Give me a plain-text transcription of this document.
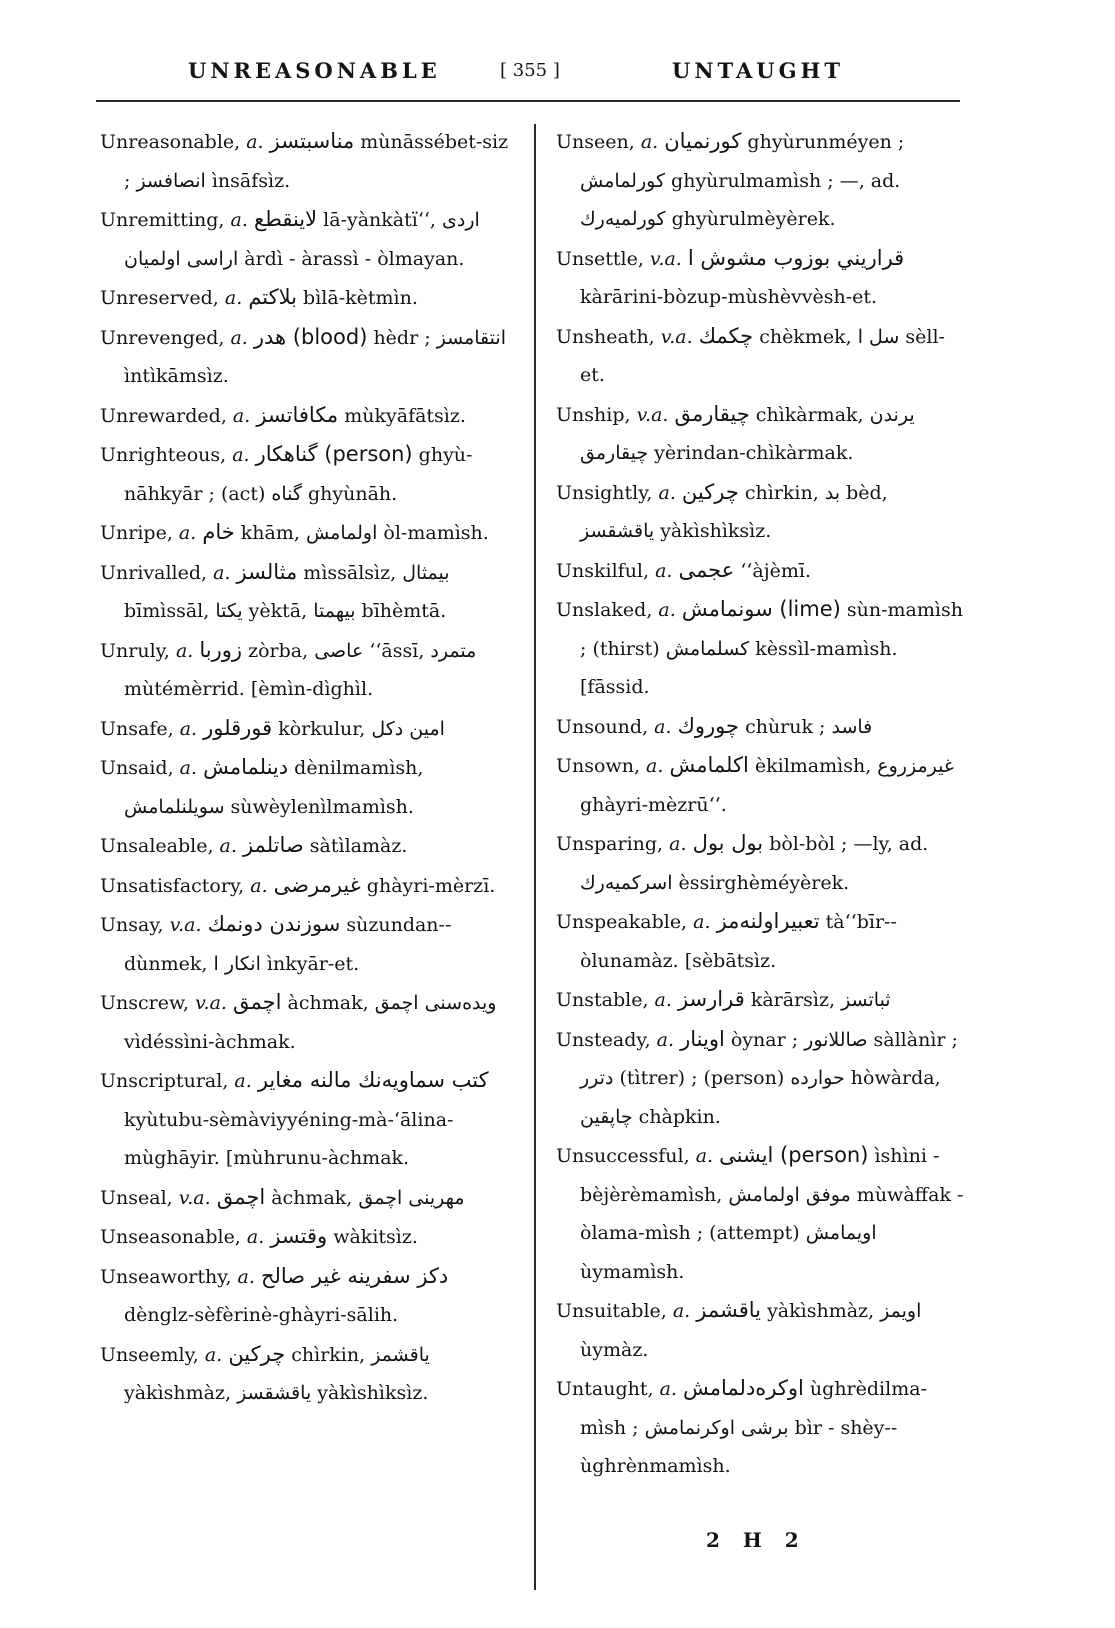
UNREASONABLE	[ 355 ]	UNTAUGHT

Unreasonable, a. مناسبتسز mùnāssébet-siz ; انصافسز ìnsāfsìz.

Unremitting, a. لاينقطع lā-yànkàtï‘‘, اردی اراسی اولميان àrdì - àrassì - òlmayan.

Unreserved, a. بلاكتم bìlā-kètmìn.

Unrevenged, a. (blood) هدر hèdr ; انتقامسز ìntìkāmsìz.

Unrewarded, a. مكافاتسز mùkyāfātsìz.

Unrighteous, a. (person) گناهكار ghyù-nāhkyār ; (act) گناه ghyùnāh.

Unripe, a. خام khām, اولمامش òl-mamìsh.

Unrivalled, a. مثالسز mìssālsìz, بيمثال bīmìssāl, يكتا yèktā, بيهمتا bīhèmtā.

Unruly, a. زوربا zòrba, عاصی ‘‘āssī, متمرد mùtémèrrid. [èmìn-dìghìl.

Unsafe, a. قورقلور kòrkulur, امين دكل

Unsaid, a. دينلمامش dènilmamìsh, سويلنلمامش sùwèylenìlmamìsh.

Unsaleable, a. صاتلمز sàtìlamàz.

Unsatisfactory, a. غيرمرضی ghàyri-mèrzī.

Unsay, v.a. سوزندن دونمك sùzundan--dùnmek, انكار ا ìnkyār-et.

Unscrew, v.a. اچمق àchmak, ويدەسنی اچمق vìdéssìni-àchmak.

Unscriptural, a. كتب سماويەنك مالنه مغاير kyùtubu-sèmàviyyéning-mà-‘ālina-mùghāyir. [mùhrunu-àchmak.

Unseal, v.a. اچمق àchmak, مهرينی اچمق

Unseasonable, a. وقتسز wàkitsìz.

Unseaworthy, a. دكز سفرينه غير صالح dènglz-sèfèrinè-ghàyri-sālih.

Unseemly, a. چركين chìrkin, ياقشمز yàkìshmàz, ياقشقسز yàkìshìksìz.

Unseen, a. كورنميان ghyùrunméyen ; كورلمامش ghyùrulmamìsh ; —, ad. كورلميەرك ghyùrulmèyèrek.

Unsettle, v.a. قراريني بوزوب مشوش ا kàrārini-bòzup-mùshèvvèsh-et.

Unsheath, v.a. چكمك chèkmek, سل ا sèll-et.

Unship, v.a. چيقارمق chìkàrmak, يرندن چيقارمق yèrindan-chìkàrmak.

Unsightly, a. چركين chìrkin, بد bèd, ياقشقسز yàkìshìksìz.

Unskilful, a. عجمی ‘‘àjèmī.

Unslaked, a. (lime) سونمامش sùn-mamìsh ; (thirst) كسلمامش kèssìl-mamìsh. [fāssid.

Unsound, a. چوروك chùruk ; فاسد

Unsown, a. اكلمامش èkilmamìsh, غيرمزروع ghàyri-mèzrū‘‘.

Unsparing, a. بول بول bòl-bòl ; —ly, ad. اسركميەرك èssirghèméyèrek.

Unspeakable, a. تعبيراولنەمز tà‘‘bīr--òlunamàz. [sèbātsìz.

Unstable, a. قرارسز kàrārsìz, ثباتسز

Unsteady, a. اوينار òynar ; صاللانور sàllànìr ; دترر (tìtrer) ; (person) حوارده hòwàrda, چاپقين chàpkin.

Unsuccessful, a. (person) ايشنی ìshìni - bèjèrèmamìsh, موفق اولمامش mùwàffak - òlama-mìsh ; (attempt) اويمامش ùymamìsh.

Unsuitable, a. ياقشمز yàkìshmàz, اويمز ùymàz.

Untaught, a. اوكرەدلمامش ùghrèdilma-mìsh ; برشی اوكرنمامش bìr - shèy--ùghrènmamìsh.

2 H 2
